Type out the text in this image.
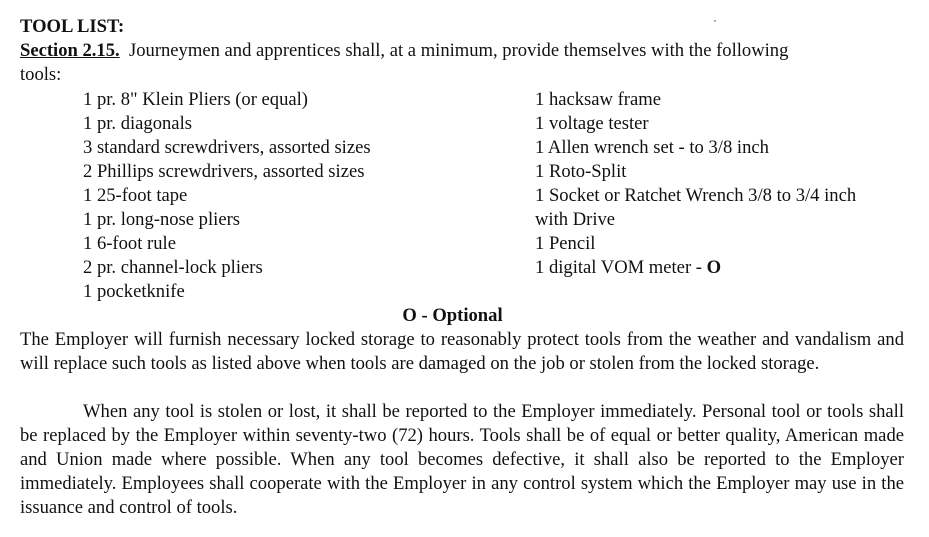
TOOL LIST:
Section 2.15. Journeymen and apprentices shall, at a minimum, provide themselves with the following
tools:
1 pr. 8" Klein Pliers (or equal)
1 pr. diagonals
3 standard screwdrivers, assorted sizes
2 Phillips screwdrivers, assorted sizes
1 25-foot tape
1 pr. long-nose pliers
1 6-foot rule
2 pr. channel-lock pliers
1 pocketknife
1 hacksaw frame
1 voltage tester
1 Allen wrench set - to 3/8 inch
1 Roto-Split
1 Socket or Ratchet Wrench 3/8 to 3/4 inch
with Drive
1 Pencil
1 digital VOM meter - O
O - Optional

The Employer will furnish necessary locked storage to reasonably protect tools from the weather and vandalism and will replace such tools as listed above when tools are damaged on the job or stolen from the locked storage.

When any tool is stolen or lost, it shall be reported to the Employer immediately. Personal tool or tools shall be replaced by the Employer within seventy-two (72) hours. Tools shall be of equal or better quality, American made and Union made where possible. When any tool becomes defective, it shall also be reported to the Employer immediately. Employees shall cooperate with the Employer in any control system which the Employer may use in the issuance and control of tools.
